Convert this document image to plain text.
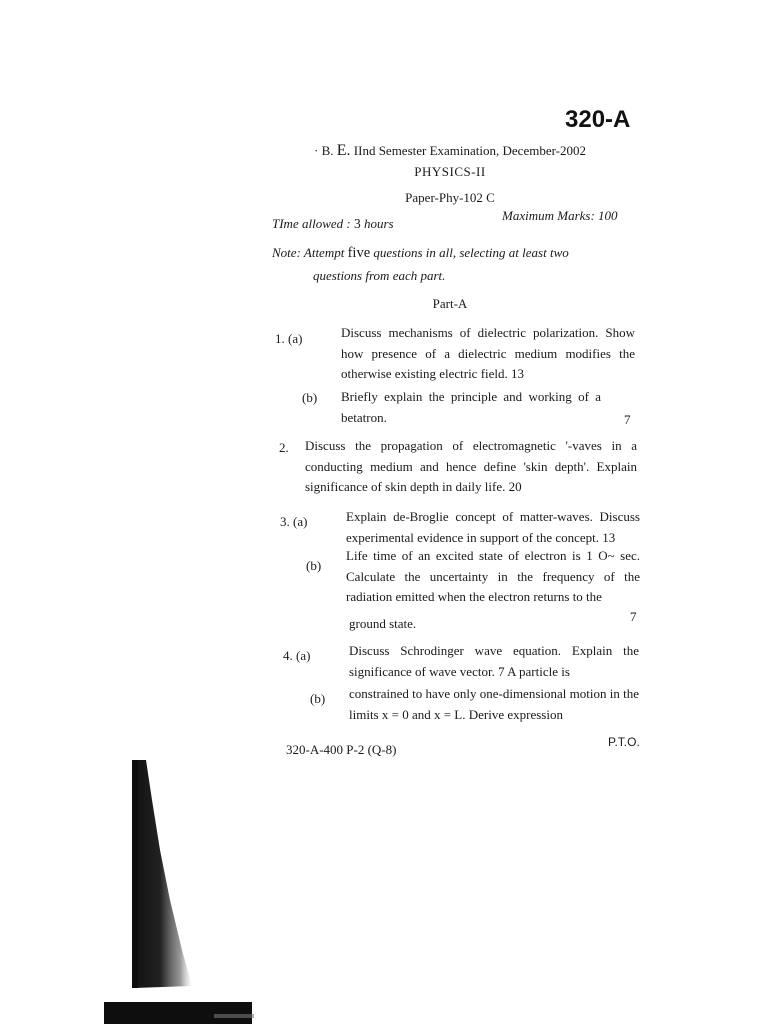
320-A
· B. E. IInd Semester Examination, December-2002
PHYSICS-II
Paper-Phy-102 C
TIme allowed : 3 hours
Maximum Marks: 100
Note: Attempt five questions in all, selecting at least two
questions from each part.
Part-A
1. (a)	Discuss mechanisms of dielectric polarization. Show how presence of a dielectric medium modifies the otherwise existing electric field. 13
(b) Briefly explain the principle and working of a betatron.	7
2. Discuss the propagation of electromagnetic '-vaves in a conducting medium and hence define 'skin depth'. Explain significance of skin depth in daily life. 20
3. (a)	Explain de-Broglie concept of matter-waves. Discuss experimental evidence in support of the concept. 13
(b)
Life time of an excited state of electron is 1 O~ sec. Calculate the uncertainty in the frequency of the radiation emitted when the electron returns to the
ground state.	7
4. (a)	Discuss Schrodinger wave equation. Explain the significance of wave vector. 7 A particle is
(b) constrained to have only one-dimensional motion in the limits x = 0 and x = L. Derive expression
320-A-400 P-2 (Q-8)	P.T.O.
